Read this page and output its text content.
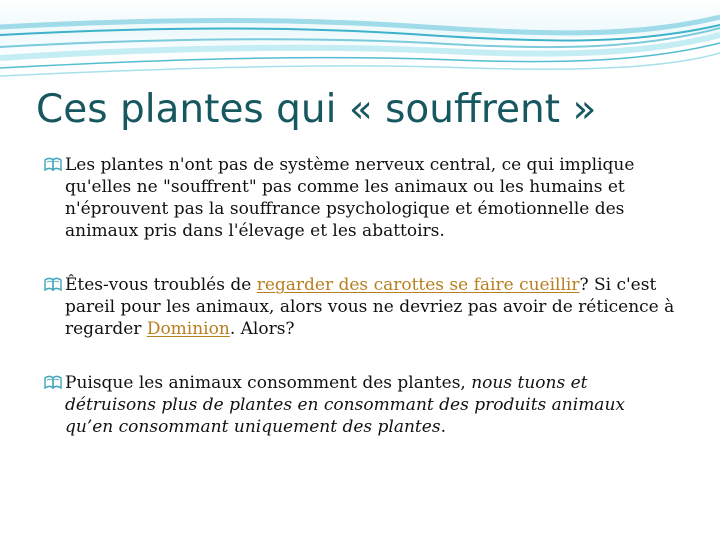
Ces plantes qui « souffrent »
Les plantes n'ont pas de système nerveux central, ce qui implique qu'elles ne "souffrent" pas comme les animaux ou les humains et n'éprouvent pas la souffrance psychologique et émotionnelle des animaux pris dans l'élevage et les abattoirs.
Êtes-vous troublés de regarder des carottes se faire cueillir? Si c'est pareil pour les animaux, alors vous ne devriez pas avoir de réticence à regarder Dominion. Alors?
Puisque les animaux consomment des plantes, nous tuons et détruisons plus de plantes en consommant des produits animaux qu’en consommant uniquement des plantes.
